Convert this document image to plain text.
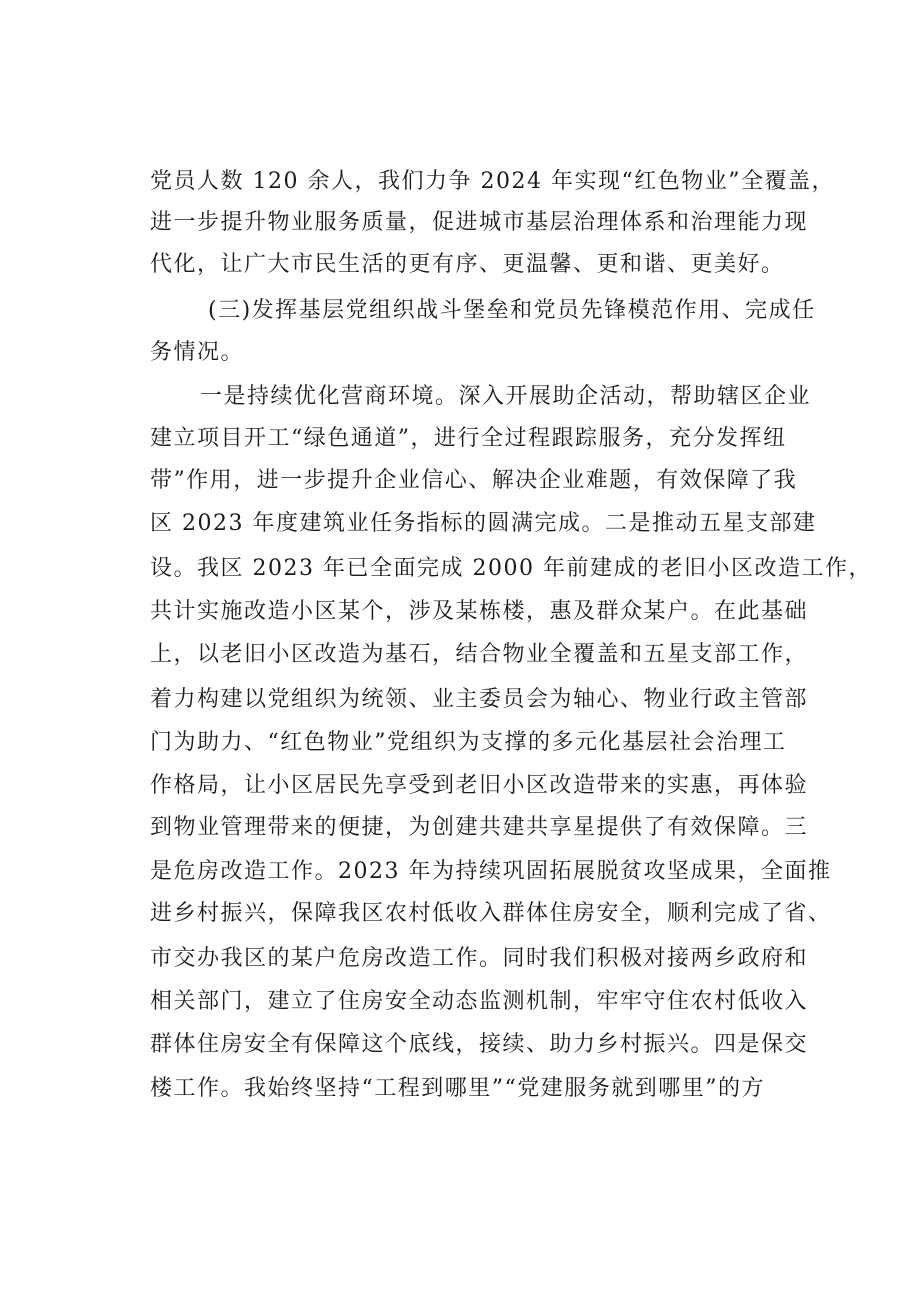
党员人数 120 余人，我们力争 2024 年实现“红色物业”全覆盖，
进一步提升物业服务质量，促进城市基层治理体系和治理能力现
代化，让广大市民生活的更有序、更温馨、更和谐、更美好。
(三)发挥基层党组织战斗堡垒和党员先锋模范作用、完成任
务情况。
一是持续优化营商环境。深入开展助企活动，帮助辖区企业
建立项目开工“绿色通道”，进行全过程跟踪服务，充分发挥纽
带”作用，进一步提升企业信心、解决企业难题，有效保障了我
区 2023 年度建筑业任务指标的圆满完成。二是推动五星支部建
设。我区 2023 年已全面完成 2000 年前建成的老旧小区改造工作，
共计实施改造小区某个，涉及某栋楼，惠及群众某户。在此基础
上，以老旧小区改造为基石，结合物业全覆盖和五星支部工作，
着力构建以党组织为统领、业主委员会为轴心、物业行政主管部
门为助力、“红色物业”党组织为支撑的多元化基层社会治理工
作格局，让小区居民先享受到老旧小区改造带来的实惠，再体验
到物业管理带来的便捷，为创建共建共享星提供了有效保障。三
是危房改造工作。2023 年为持续巩固拓展脱贫攻坚成果，全面推
进乡村振兴，保障我区农村低收入群体住房安全，顺利完成了省、
市交办我区的某户危房改造工作。同时我们积极对接两乡政府和
相关部门，建立了住房安全动态监测机制，牢牢守住农村低收入
群体住房安全有保障这个底线，接续、助力乡村振兴。四是保交
楼工作。我始终坚持“工程到哪里”“党建服务就到哪里”的方
